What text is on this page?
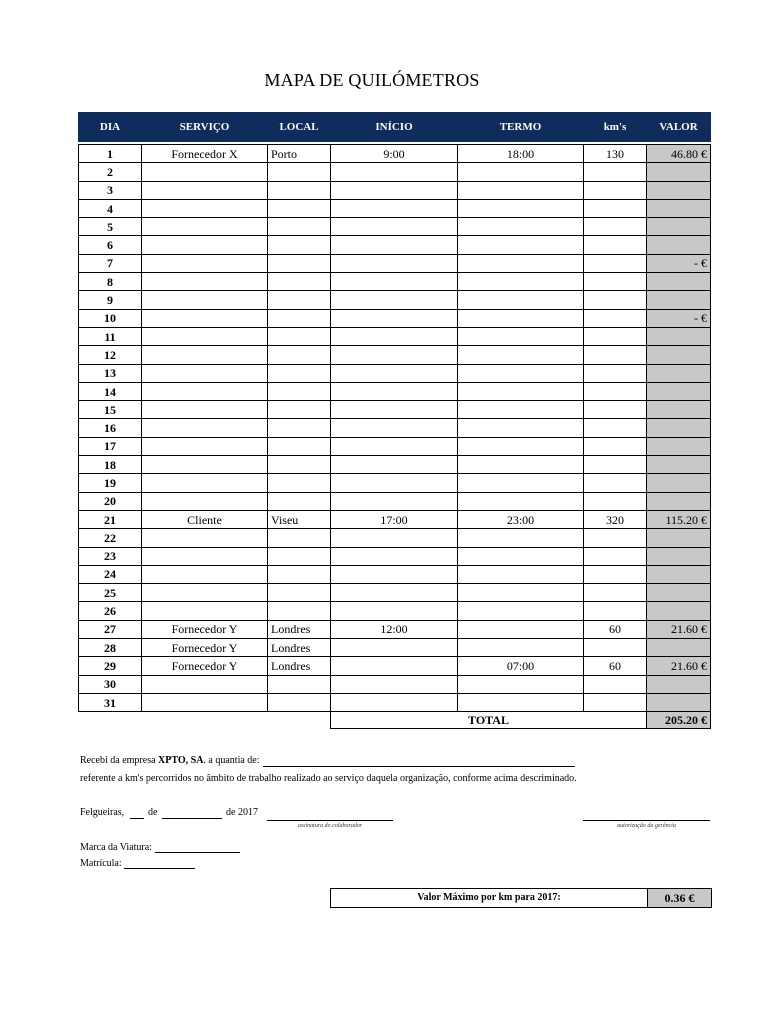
MAPA DE QUILÓMETROS
DIA	SERVIÇO	LOCAL	INÍCIO	TERMO	km's	VALOR

1	Fornecedor X	Porto	9:00	18:00	130	46.80 €
2						
3						
4						
5						
6						
7						- €
8						
9						
10						- €
11						
12						
13						
14						
15						
16						
17						
18						
19						
20						
21	Cliente	Viseu	17:00	23:00	320	115.20 €
22						
23						
24						
25						
26						
27	Fornecedor Y	Londres	12:00		60	21.60 €
28	Fornecedor Y	Londres				
29	Fornecedor Y	Londres		07:00	60	21.60 €
30						
31						
			TOTAL			205.20 €
Recebi da empresa XPTO, SA. a quantia de:
referente a km's percorridos no âmbito de trabalho realizado ao serviço daquela organização, conforme acima descriminado.
Felgueiras, de	de 2017
assinatura do colaborador	autorização da gerência
Marca da Viatura:
Matrícula:
Valor Máximo por km para 2017:	0.36 €
